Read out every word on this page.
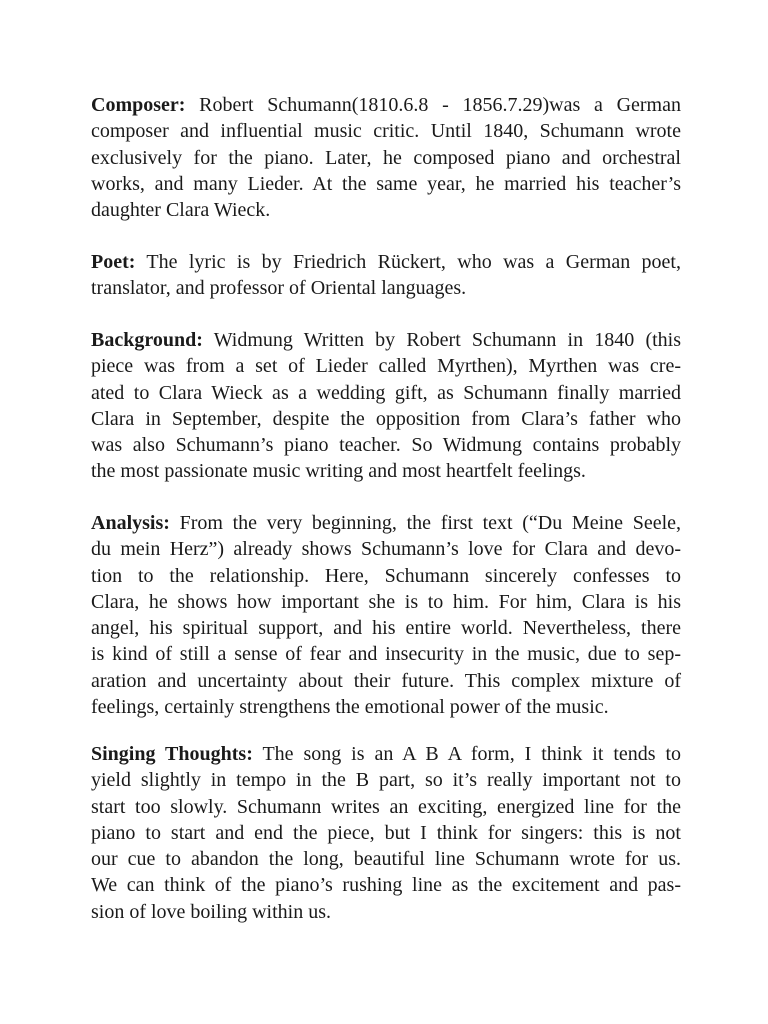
Composer: Robert Schumann(1810.6.8 - 1856.7.29)was a German
composer and influential music critic. Until 1840, Schumann wrote
exclusively for the piano. Later, he composed piano and orchestral
works, and many Lieder. At the same year, he married his teacher’s
daughter Clara Wieck.

Poet: The lyric is by Friedrich Rückert, who was a German poet,
translator, and professor of Oriental languages.

Background: Widmung Written by Robert Schumann in 1840 (this
piece was from a set of Lieder called Myrthen), Myrthen was cre-
ated to Clara Wieck as a wedding gift, as Schumann finally married
Clara in September, despite the opposition from Clara’s father who
was also Schumann’s piano teacher. So Widmung contains probably
the most passionate music writing and most heartfelt feelings.

Analysis: From the very beginning, the first text (“Du Meine Seele,
du mein Herz”) already shows Schumann’s love for Clara and devo-
tion to the relationship. Here, Schumann sincerely confesses to
Clara, he shows how important she is to him. For him, Clara is his
angel, his spiritual support, and his entire world. Nevertheless, there
is kind of still a sense of fear and insecurity in the music, due to sep-
aration and uncertainty about their future. This complex mixture of
feelings, certainly strengthens the emotional power of the music.

Singing Thoughts: The song is an A B A form, I think it tends to
yield slightly in tempo in the B part, so it’s really important not to
start too slowly. Schumann writes an exciting, energized line for the
piano to start and end the piece, but I think for singers: this is not
our cue to abandon the long, beautiful line Schumann wrote for us.
We can think of the piano’s rushing line as the excitement and pas-
sion of love boiling within us.
